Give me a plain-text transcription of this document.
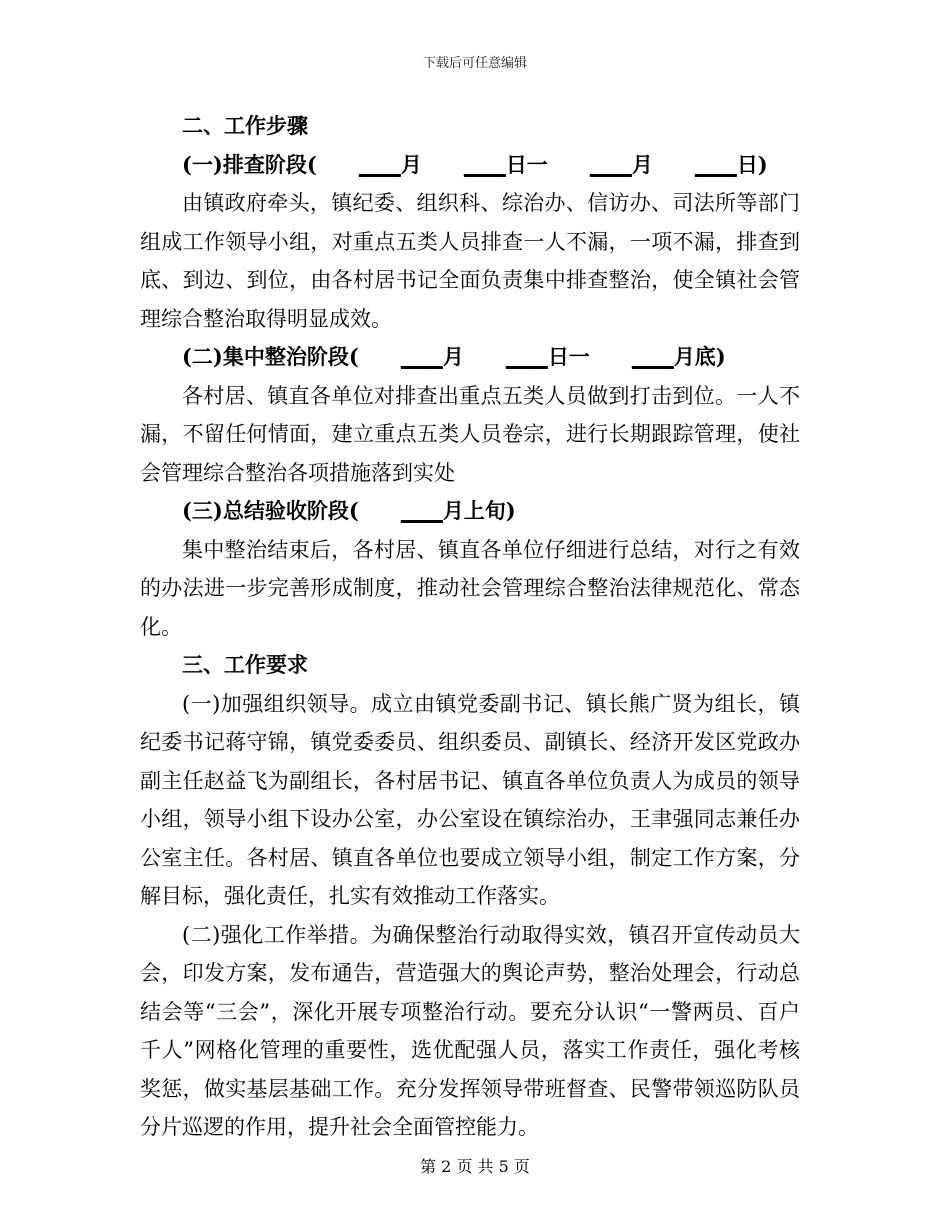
下载后可任意编辑

二、工作步骤

(一)排查阶段( ____月 ____日一 ____月 ____日)

由镇政府牵头，镇纪委、组织科、综治办、信访办、司法所等部门组成工作领导小组，对重点五类人员排查一人不漏，一项不漏，排查到底、到边、到位，由各村居书记全面负责集中排查整治，使全镇社会管理综合整治取得明显成效。

(二)集中整治阶段( ____月 ____日一 ____月底)

各村居、镇直各单位对排查出重点五类人员做到打击到位。一人不漏，不留任何情面，建立重点五类人员卷宗，进行长期跟踪管理，使社会管理综合整治各项措施落到实处

(三)总结验收阶段( ____月上旬)

集中整治结束后，各村居、镇直各单位仔细进行总结，对行之有效的办法进一步完善形成制度，推动社会管理综合整治法律规范化、常态化。

三、工作要求

(一)加强组织领导。成立由镇党委副书记、镇长熊广贤为组长，镇纪委书记蒋守锦，镇党委委员、组织委员、副镇长、经济开发区党政办副主任赵益飞为副组长，各村居书记、镇直各单位负责人为成员的领导小组，领导小组下设办公室，办公室设在镇综治办，王聿强同志兼任办公室主任。各村居、镇直各单位也要成立领导小组，制定工作方案，分解目标，强化责任，扎实有效推动工作落实。

(二)强化工作举措。为确保整治行动取得实效，镇召开宣传动员大会，印发方案，发布通告，营造强大的舆论声势，整治处理会，行动总结会等“三会”，深化开展专项整治行动。要充分认识“一警两员、百户千人”网格化管理的重要性，选优配强人员，落实工作责任，强化考核奖惩，做实基层基础工作。充分发挥领导带班督查、民警带领巡防队员分片巡逻的作用，提升社会全面管控能力。

第 2 页 共 5 页
